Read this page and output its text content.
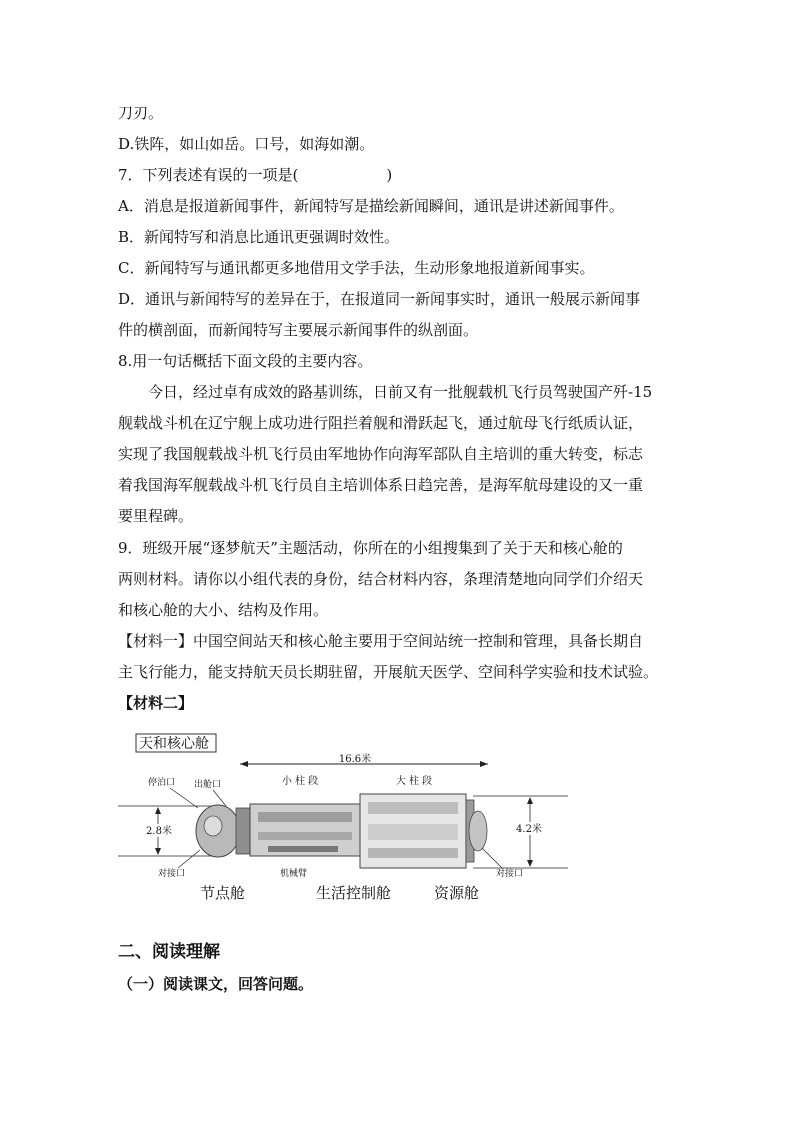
刀刃。
D.铁阵，如山如岳。口号，如海如潮。
7．下列表述有误的一项是(	)
A．消息是报道新闻事件，新闻特写是描绘新闻瞬间，通讯是讲述新闻事件。
B．新闻特写和消息比通讯更强调时效性。
C．新闻特写与通讯都更多地借用文学手法，生动形象地报道新闻事实。
D．通讯与新闻特写的差异在于，在报道同一新闻事实时，通讯一般展示新闻事
件的横剖面，而新闻特写主要展示新闻事件的纵剖面。
8.用一句话概括下面文段的主要内容。
今日，经过卓有成效的路基训练，日前又有一批舰载机飞行员驾驶国产歼-15
舰载战斗机在辽宁舰上成功进行阻拦着舰和滑跃起飞，通过航母飞行纸质认证，
实现了我国舰载战斗机飞行员由军地协作向海军部队自主培训的重大转变，标志
着我国海军舰载战斗机飞行员自主培训体系日趋完善，是海军航母建设的又一重
要里程碑。
9．班级开展“逐梦航天”主题活动，你所在的小组搜集到了关于天和核心舱的
两则材料。请你以小组代表的身份，结合材料内容，条理清楚地向同学们介绍天
和核心舱的大小、结构及作用。
【材料一】中国空间站天和核心舱主要用于空间站统一控制和管理，具备长期自
主飞行能力，能支持航天员长期驻留，开展航天医学、空间科学实验和技术试验。
【材料二】
天和核心舱
16.6米
小 柱 段	大 柱 段
2.8米	4.2米
停泊口 出舱口
对接口	对接口
机械臂
节点舱	生活控制舱	资源舱
二、阅读理解
（一）阅读课文，回答问题。
